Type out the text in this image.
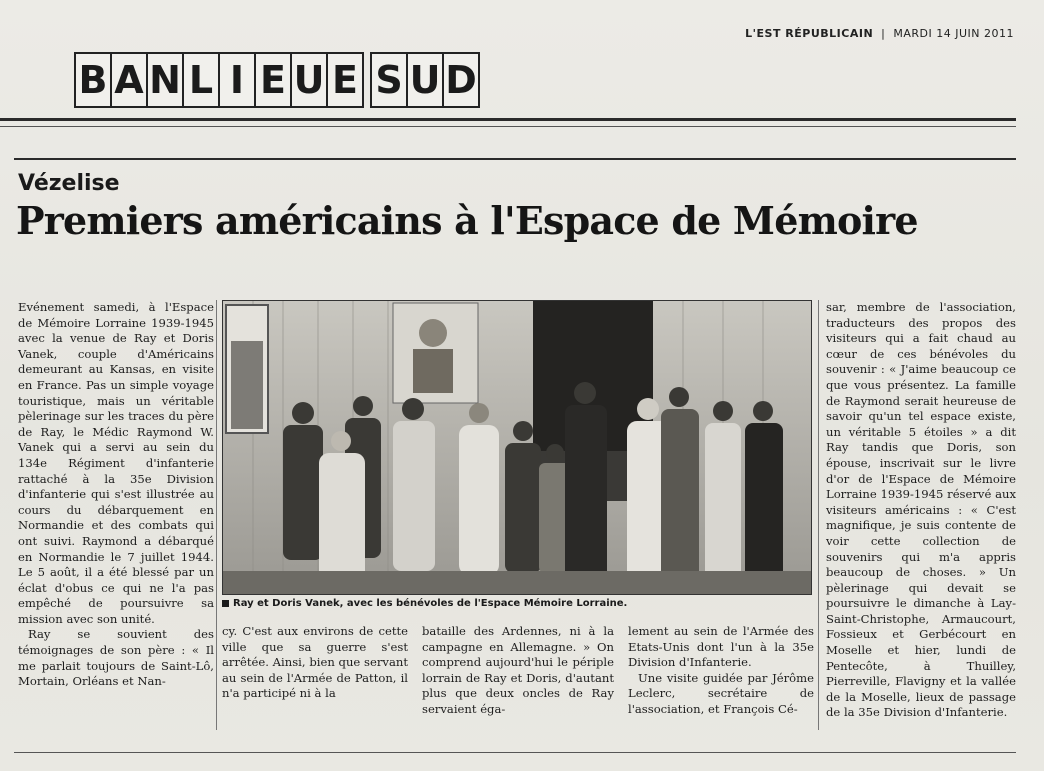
L'EST RÉPUBLICAIN | MARDI 14 JUIN 2011
B A N L I E U E S U D
Vézelise
Premiers américains à l'Espace de Mémoire

Evénement samedi, à l'Espace de Mémoire Lorraine 1939-1945 avec la venue de Ray et Doris Vanek, couple d'Américains demeurant au Kansas, en visite en France. Pas un simple voyage touristique, mais un véritable pèlerinage sur les traces du père de Ray, le Médic Raymond W. Vanek qui a servi au sein du 134e Régiment d'infanterie rattaché à la 35e Division d'infanterie qui s'est illustrée au cours du débarquement en Normandie et des combats qui ont suivi. Raymond a débarqué en Normandie le 7 juillet 1944. Le 5 août, il a été blessé par un éclat d'obus ce qui ne l'a pas empêché de poursuivre sa mission avec son unité.

Ray se souvient des témoignages de son père : « Il me parlait toujours de Saint-Lô, Mortain, Orléans et Nan-

Ray et Doris Vanek, avec les bénévoles de l'Espace Mémoire Lorraine.

cy. C'est aux environs de cette ville que sa guerre s'est arrêtée. Ainsi, bien que servant au sein de l'Armée de Patton, il n'a participé ni à la

bataille des Ardennes, ni à la campagne en Allemagne. » On comprend aujourd'hui le périple lorrain de Ray et Doris, d'autant plus que deux oncles de Ray servaient éga-

lement au sein de l'Armée des Etats-Unis dont l'un à la 35e Division d'Infanterie.

Une visite guidée par Jérôme Leclerc, secrétaire de l'association, et François Cé-

sar, membre de l'association, traducteurs des propos des visiteurs qui a fait chaud au cœur de ces bénévoles du souvenir : « J'aime beaucoup ce que vous présentez. La famille de Raymond serait heureuse de savoir qu'un tel espace existe, un véritable 5 étoiles » a dit Ray tandis que Doris, son épouse, inscrivait sur le livre d'or de l'Espace de Mémoire Lorraine 1939-1945 réservé aux visiteurs américains : « C'est magnifique, je suis contente de voir cette collection de souvenirs qui m'a appris beaucoup de choses. » Un pèlerinage qui devait se poursuivre le dimanche à Lay-Saint-Christophe, Armaucourt, Fossieux et Gerbécourt en Moselle et hier, lundi de Pentecôte, à Thuilley, Pierreville, Flavigny et la vallée de la Moselle, lieux de passage de la 35e Division d'Infanterie.
